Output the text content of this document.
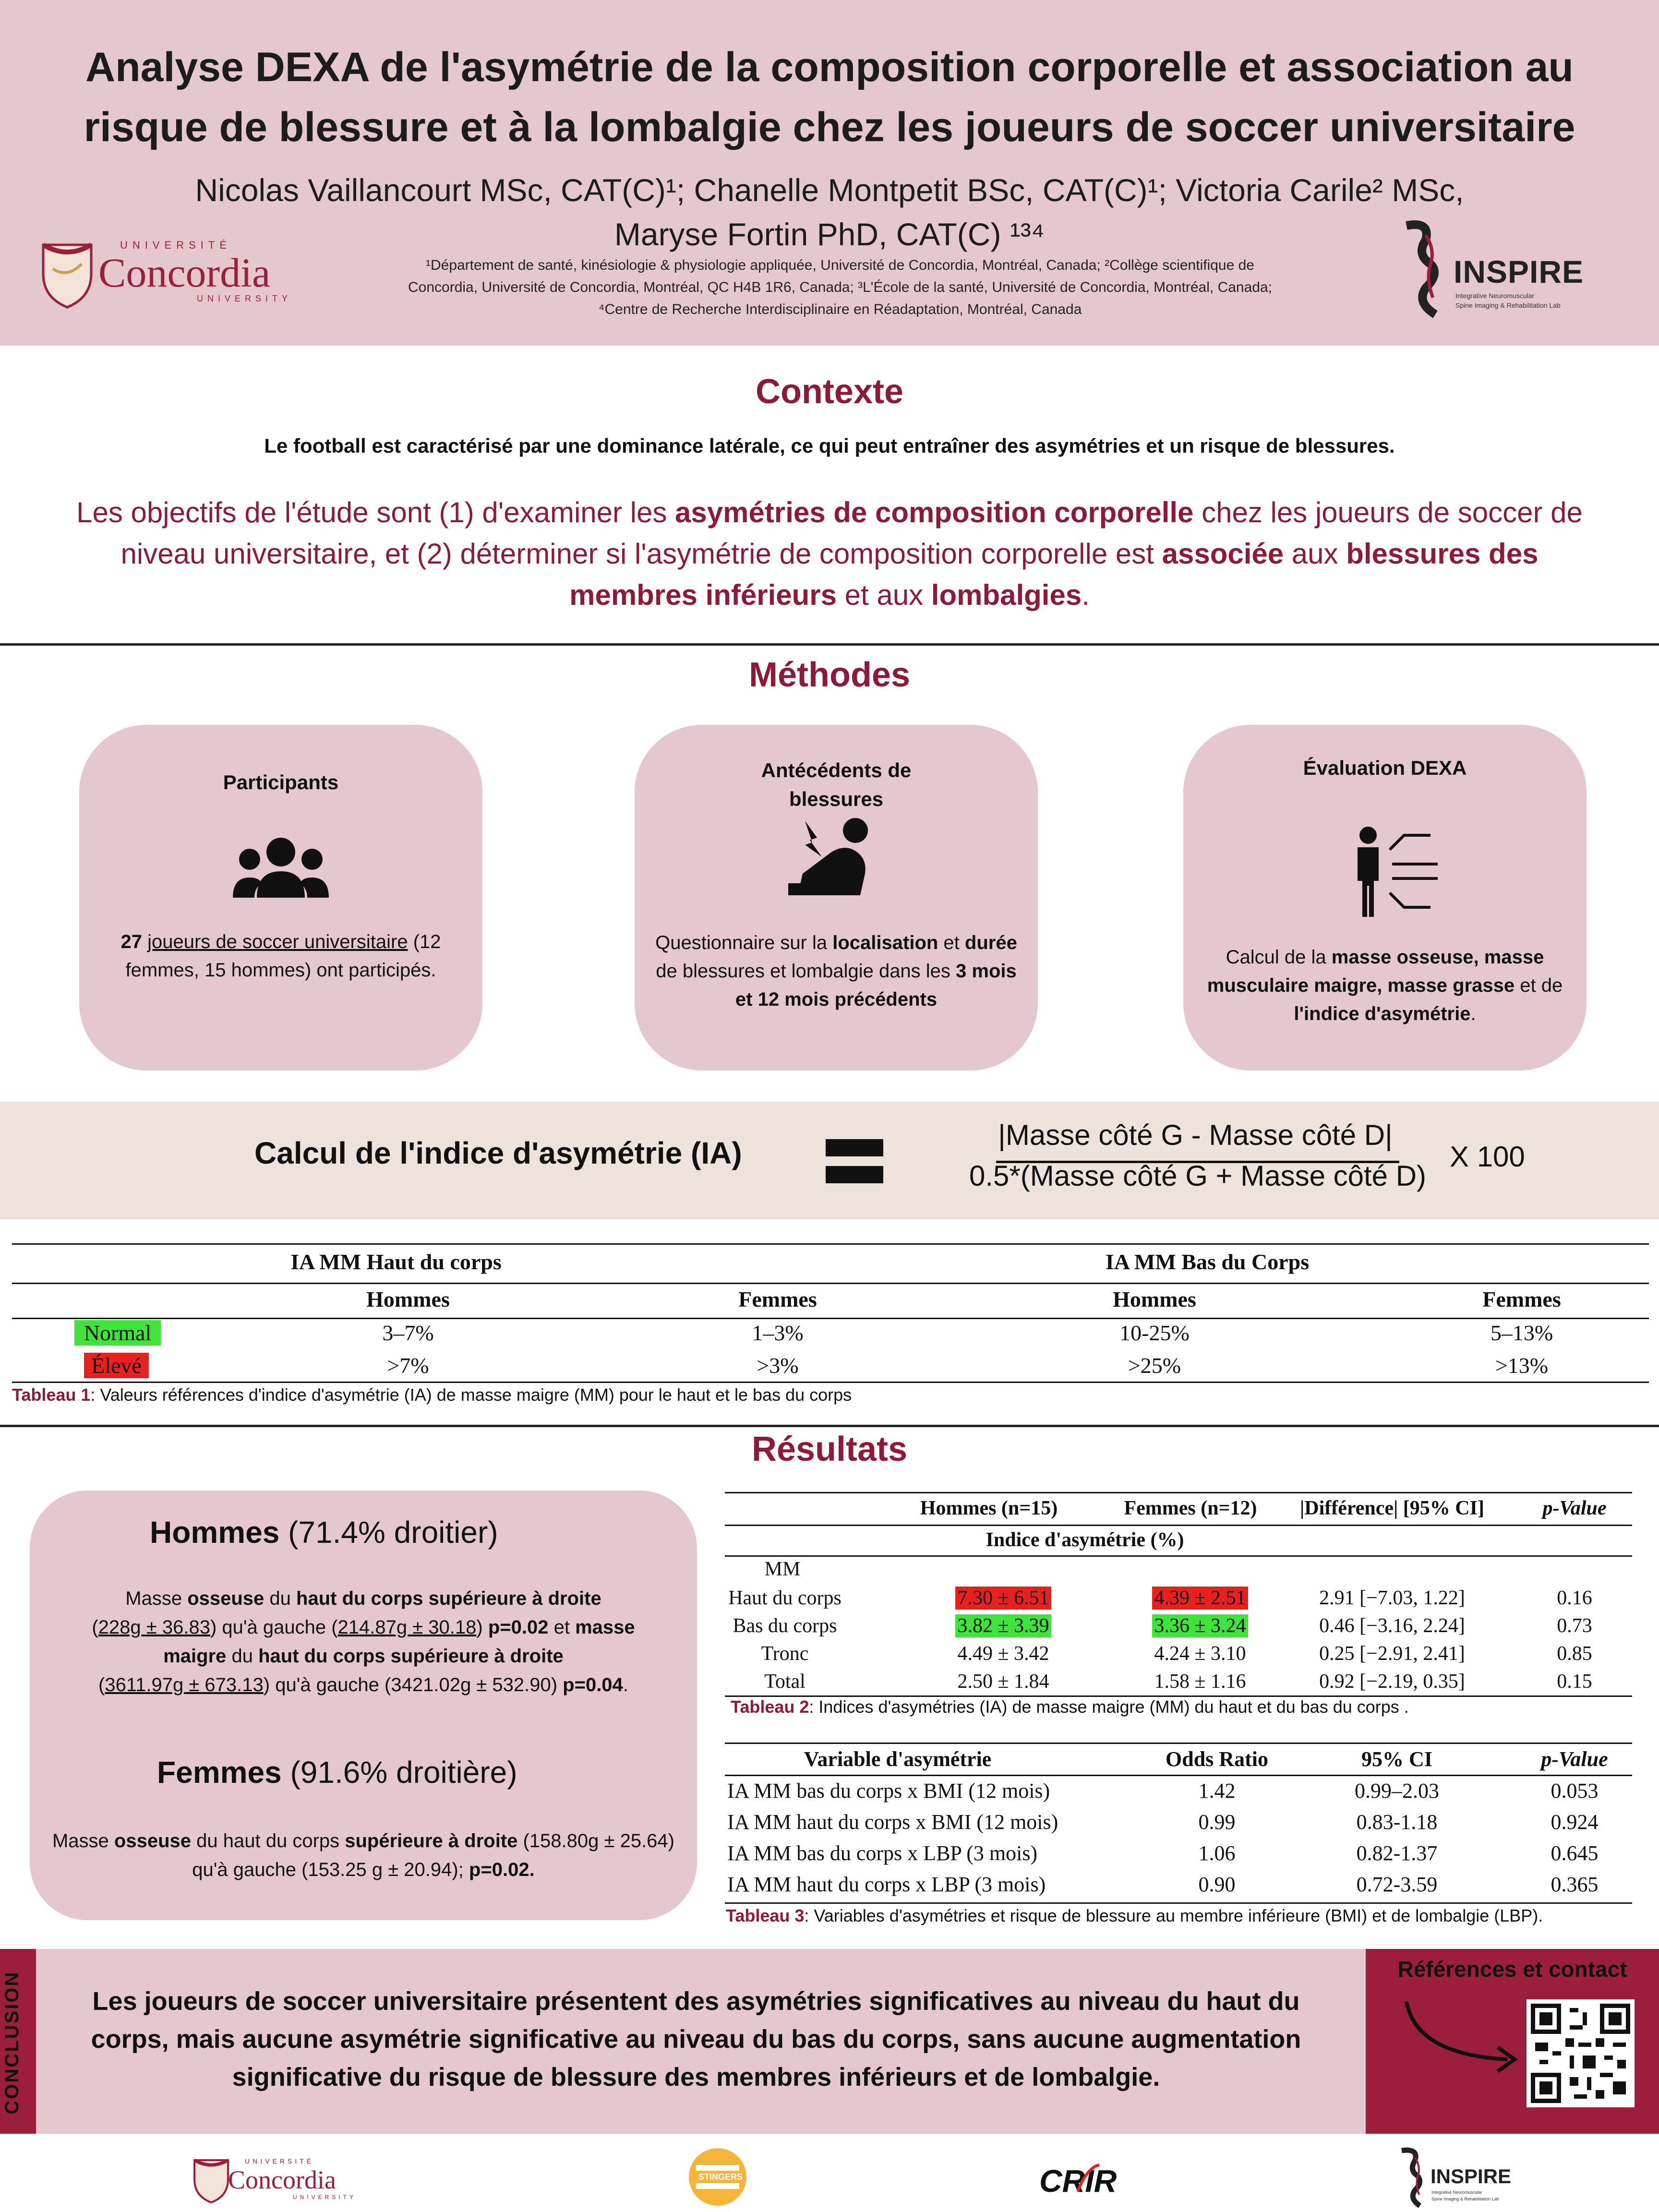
Analyse DEXA de l'asymétrie de la composition corporelle et association au
risque de blessure et à la lombalgie chez les joueurs de soccer universitaire
Nicolas Vaillancourt MSc, CAT(C)¹; Chanelle Montpetit BSc, CAT(C)¹; Victoria Carile² MSc,
Maryse Fortin PhD, CAT(C) ¹³⁴
¹Département de santé, kinésiologie & physiologie appliquée, Université de Concordia, Montréal, Canada; ²Collège scientifique de
Concordia, Université de Concordia, Montréal, QC H4B 1R6, Canada; ³L'École de la santé, Université de Concordia, Montréal, Canada;
⁴Centre de Recherche Interdisciplinaire en Réadaptation, Montréal, Canada
UNIVERSITÉ
Concordia
UNIVERSITY
INSPIRE
Integrative Neuromuscular
Spine Imaging & Rehabilitation Lab
Contexte
Le football est caractérisé par une dominance latérale, ce qui peut entraîner des asymétries et un risque de blessures.
Les objectifs de l'étude sont (1) d'examiner les asymétries de composition corporelle chez les joueurs de soccer de niveau universitaire, et (2) déterminer si l'asymétrie de composition corporelle est associée aux blessures des membres inférieurs et aux lombalgies.
Méthodes
Participants
27 joueurs de soccer universitaire (12 femmes, 15 hommes) ont participés.
Antécédents de
blessures
Questionnaire sur la localisation et durée de blessures et lombalgie dans les 3 mois et 12 mois précédents
Évaluation DEXA
Calcul de la masse osseuse, masse musculaire maigre, masse grasse et de l'indice d'asymétrie.
Calcul de l'indice d'asymétrie (IA)
|Masse côté G - Masse côté D|
0.5*(Masse côté G + Masse côté D)
X 100
IA MM Haut du corps	IA MM Bas du Corps
Hommes	Femmes	Hommes	Femmes
Normal	3–7%	1–3%	10-25%	5–13%
Élevé	>7%	>3%	>25%	>13%
Tableau 1: Valeurs références d'indice d'asymétrie (IA) de masse maigre (MM) pour le haut et le bas du corps
Résultats
Hommes (71.4% droitier)
Masse osseuse du haut du corps supérieure à droite
(228g ± 36.83) qu'à gauche (214.87g ± 30.18) p=0.02 et masse maigre du haut du corps supérieure à droite
(3611.97g ± 673.13) qu'à gauche (3421.02g ± 532.90) p=0.04.
Femmes (91.6% droitière)
Masse osseuse du haut du corps supérieure à droite (158.80g ± 25.64) qu'à gauche (153.25 g ± 20.94); p=0.02.
Hommes (n=15)	Femmes (n=12)	|Différence| [95% CI]	p-Value
Indice d'asymétrie (%)
MM
Haut du corps	7.30 ± 6.51	4.39 ± 2.51	2.91 [−7.03, 1.22]	0.16
Bas du corps	3.82 ± 3.39	3.36 ± 3.24	0.46 [−3.16, 2.24]	0.73
Tronc	4.49 ± 3.42	4.24 ± 3.10	0.25 [−2.91, 2.41]	0.85
Total	2.50 ± 1.84	1.58 ± 1.16	0.92 [−2.19, 0.35]	0.15
Tableau 2: Indices d'asymétries (IA) de masse maigre (MM) du haut et du bas du corps .
Variable d'asymétrie	Odds Ratio	95% CI	p-Value
IA MM bas du corps x BMI (12 mois)	1.42	0.99–2.03	0.053
IA MM haut du corps x BMI (12 mois)	0.99	0.83-1.18	0.924
IA MM bas du corps x LBP (3 mois)	1.06	0.82-1.37	0.645
IA MM haut du corps x LBP (3 mois)	0.90	0.72-3.59	0.365
Tableau 3: Variables d'asymétries et risque de blessure au membre inférieure (BMI) et de lombalgie (LBP).
CONCLUSION	Les joueurs de soccer universitaire présentent des asymétries significatives au niveau du haut du
corps, mais aucune asymétrie significative au niveau du bas du corps, sans aucune augmentation
significative du risque de blessure des membres inférieurs et de lombalgie.
Références et contact
UNIVERSITÉ
Concordia
UNIVERSITY
STINGERS	CRIR	INSPIRE
Integrative Neuromuscular
Spine Imaging & Rehabilitation Lab
